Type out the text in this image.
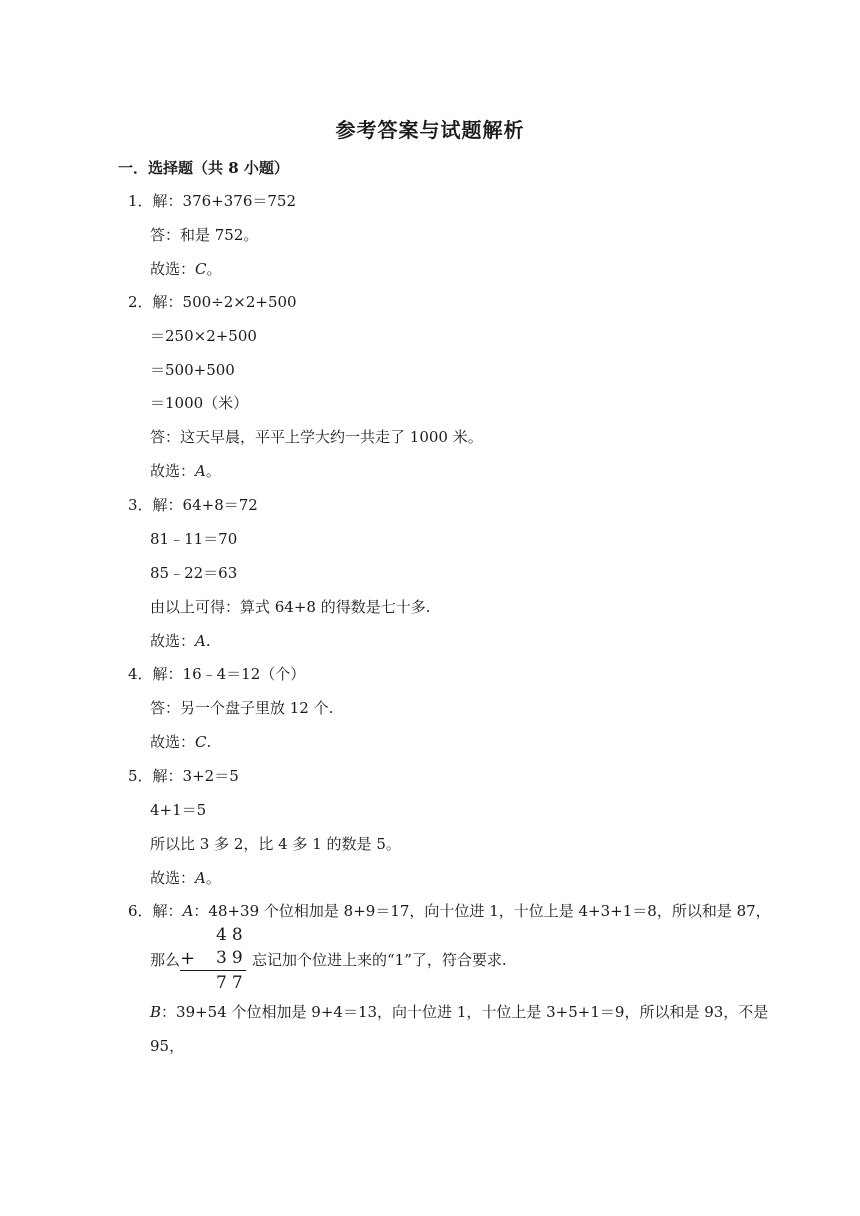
参考答案与试题解析
一．选择题（共 8 小题）
1．解：376+376＝752
答：和是 752。
故选：C。
2．解：500÷2×2+500
＝250×2+500
＝500+500
＝1000（米）
答：这天早晨，平平上学大约一共走了 1000 米。
故选：A。
3．解：64+8＝72
81﹣11＝70
85﹣22＝63
由以上可得：算式 64+8 的得数是七十多.
故选：A.
4．解：16﹣4＝12（个）
答：另一个盘子里放 12 个.
故选：C.
5．解：3+2＝5
4+1＝5
所以比 3 多 2，比 4 多 1 的数是 5。
故选：A。
6．解：A：48+39 个位相加是 8+9＝17，向十位进 1，十位上是 4+3+1＝8，所以和是 87，
那么
48
+ 39
77
忘记加个位进上来的“1”了，符合要求.
B：39+54 个位相加是 9+4＝13，向十位进 1，十位上是 3+5+1＝9，所以和是 93，不是
95，
